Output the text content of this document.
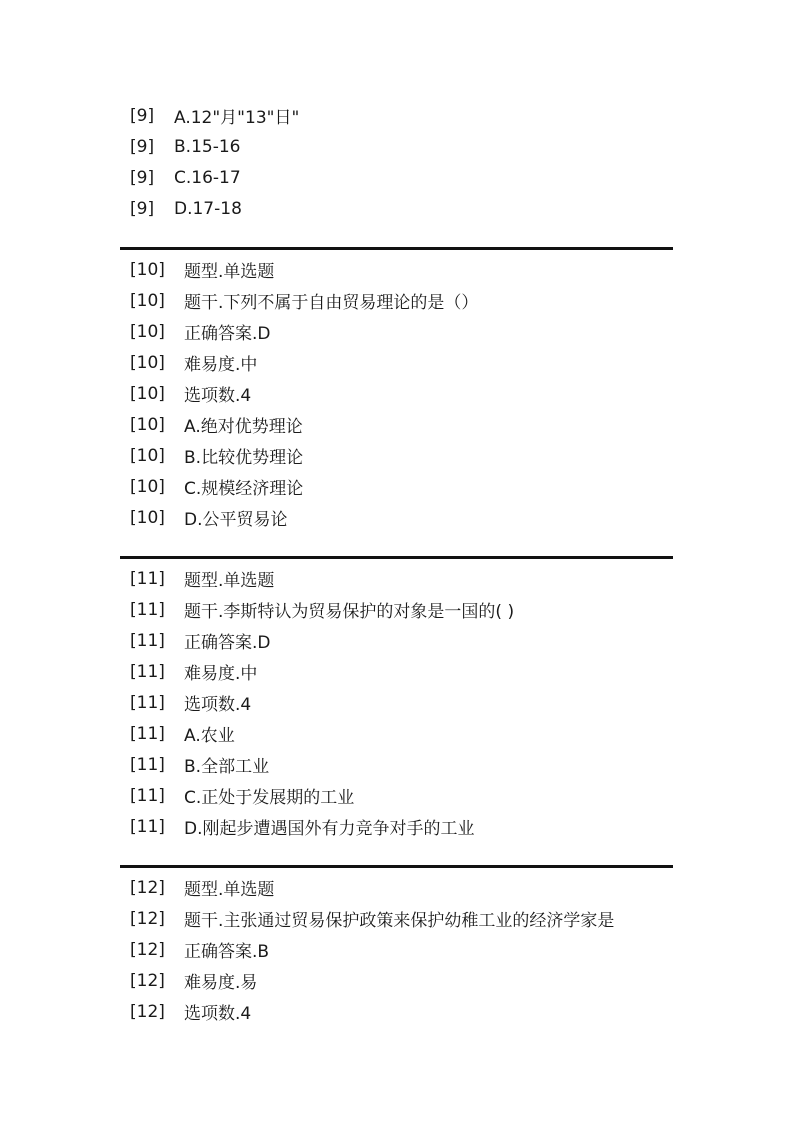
[9]	A.12"月"13"日"
[9]	B.15-16
[9]	C.16-17
[9]	D.17-18
[10]	题型.单选题
[10]	题干.下列不属于自由贸易理论的是（）
[10]	正确答案.D
[10]	难易度.中
[10]	选项数.4
[10]	A.绝对优势理论
[10]	B.比较优势理论
[10]	C.规模经济理论
[10]	D.公平贸易论
[11]	题型.单选题
[11]	题干.李斯特认为贸易保护的对象是一国的( )
[11]	正确答案.D
[11]	难易度.中
[11]	选项数.4
[11]	A.农业
[11]	B.全部工业
[11]	C.正处于发展期的工业
[11]	D.刚起步遭遇国外有力竞争对手的工业
[12]	题型.单选题
[12]	题干.主张通过贸易保护政策来保护幼稚工业的经济学家是
[12]	正确答案.B
[12]	难易度.易
[12]	选项数.4
